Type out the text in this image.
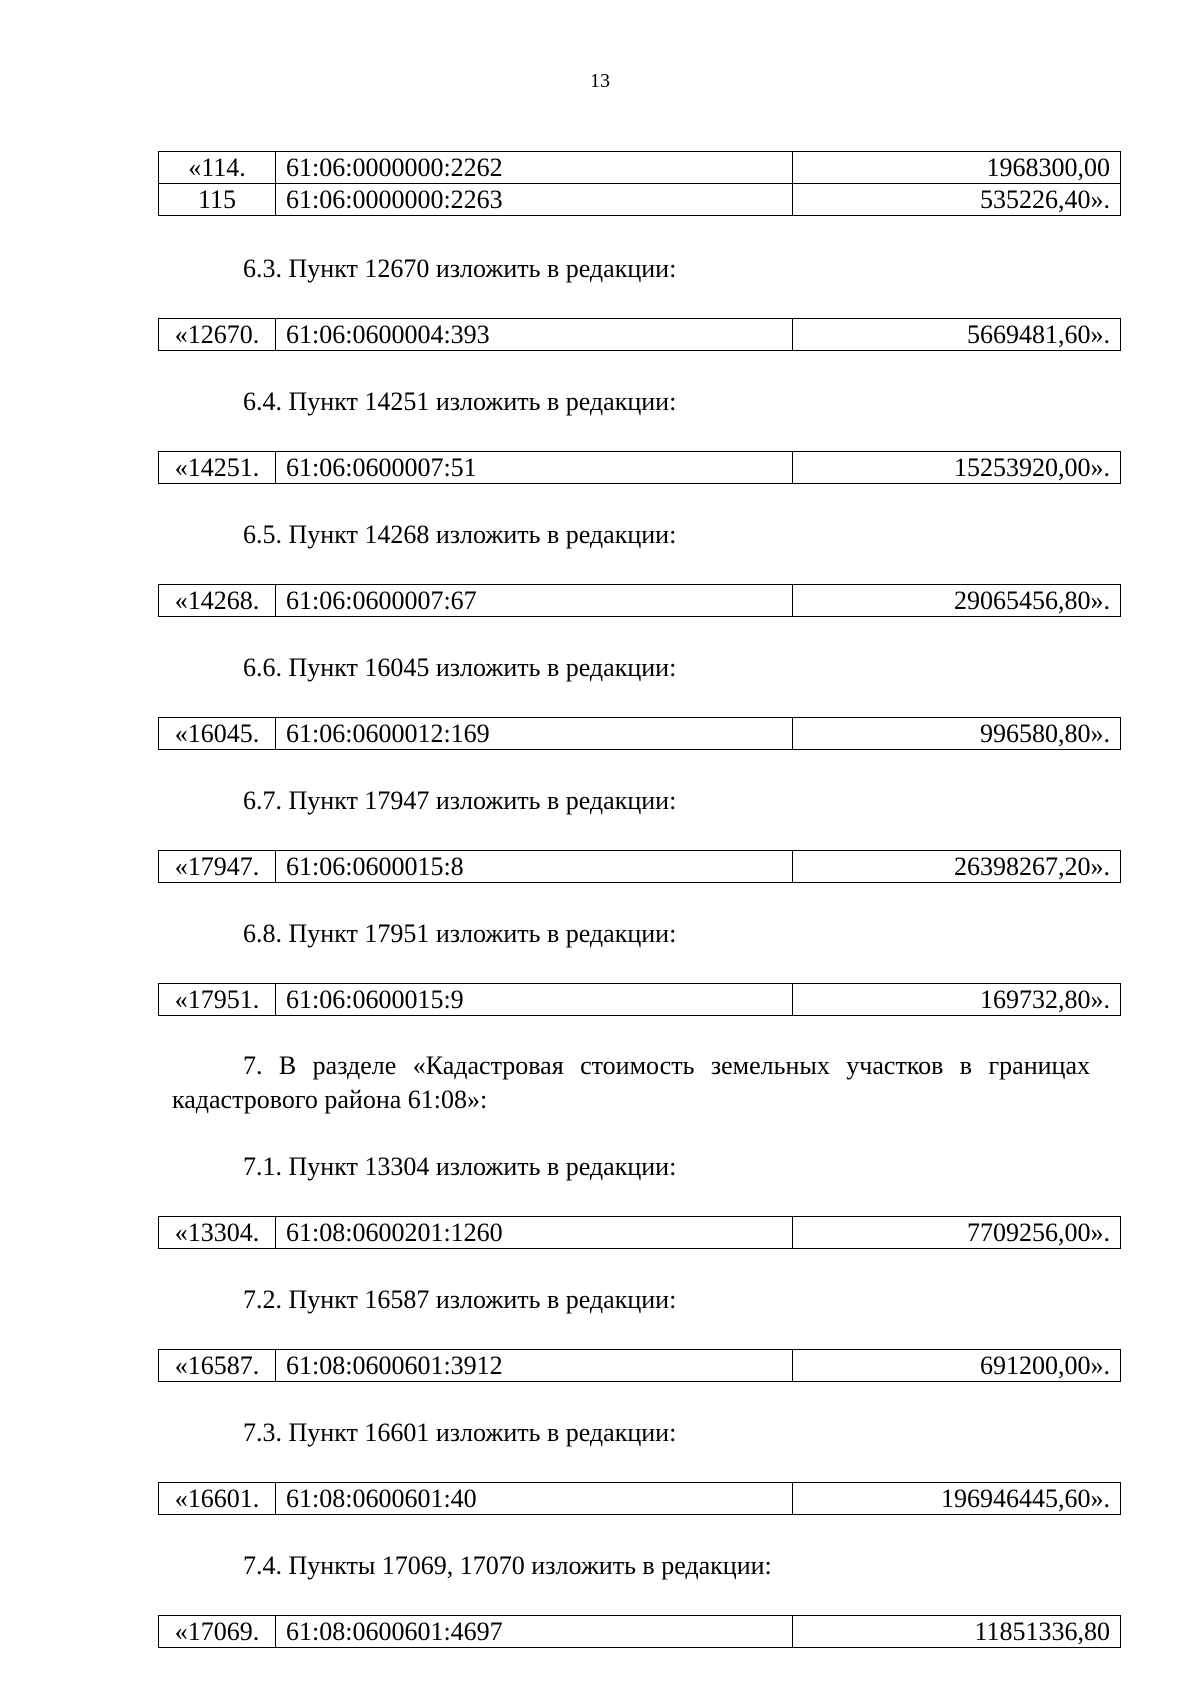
13
«114.	61:06:0000000:2262	1968300,00
115	61:06:0000000:2263	535226,40».
6.3. Пункт 12670 изложить в редакции:
«12670.	61:06:0600004:393	5669481,60».
6.4. Пункт 14251 изложить в редакции:
«14251.	61:06:0600007:51	15253920,00».
6.5. Пункт 14268 изложить в редакции:
«14268.	61:06:0600007:67	29065456,80».
6.6. Пункт 16045 изложить в редакции:
«16045.	61:06:0600012:169	996580,80».
6.7. Пункт 17947 изложить в редакции:
«17947.	61:06:0600015:8	26398267,20».
6.8. Пункт 17951 изложить в редакции:
«17951.	61:06:0600015:9	169732,80».
7. В разделе «Кадастровая стоимость земельных участков в границах
кадастрового района 61:08»:
7.1. Пункт 13304 изложить в редакции:
«13304.	61:08:0600201:1260	7709256,00».
7.2. Пункт 16587 изложить в редакции:
«16587.	61:08:0600601:3912	691200,00».
7.3. Пункт 16601 изложить в редакции:
«16601.	61:08:0600601:40	196946445,60».
7.4. Пункты 17069, 17070 изложить в редакции:
«17069.	61:08:0600601:4697	11851336,80
